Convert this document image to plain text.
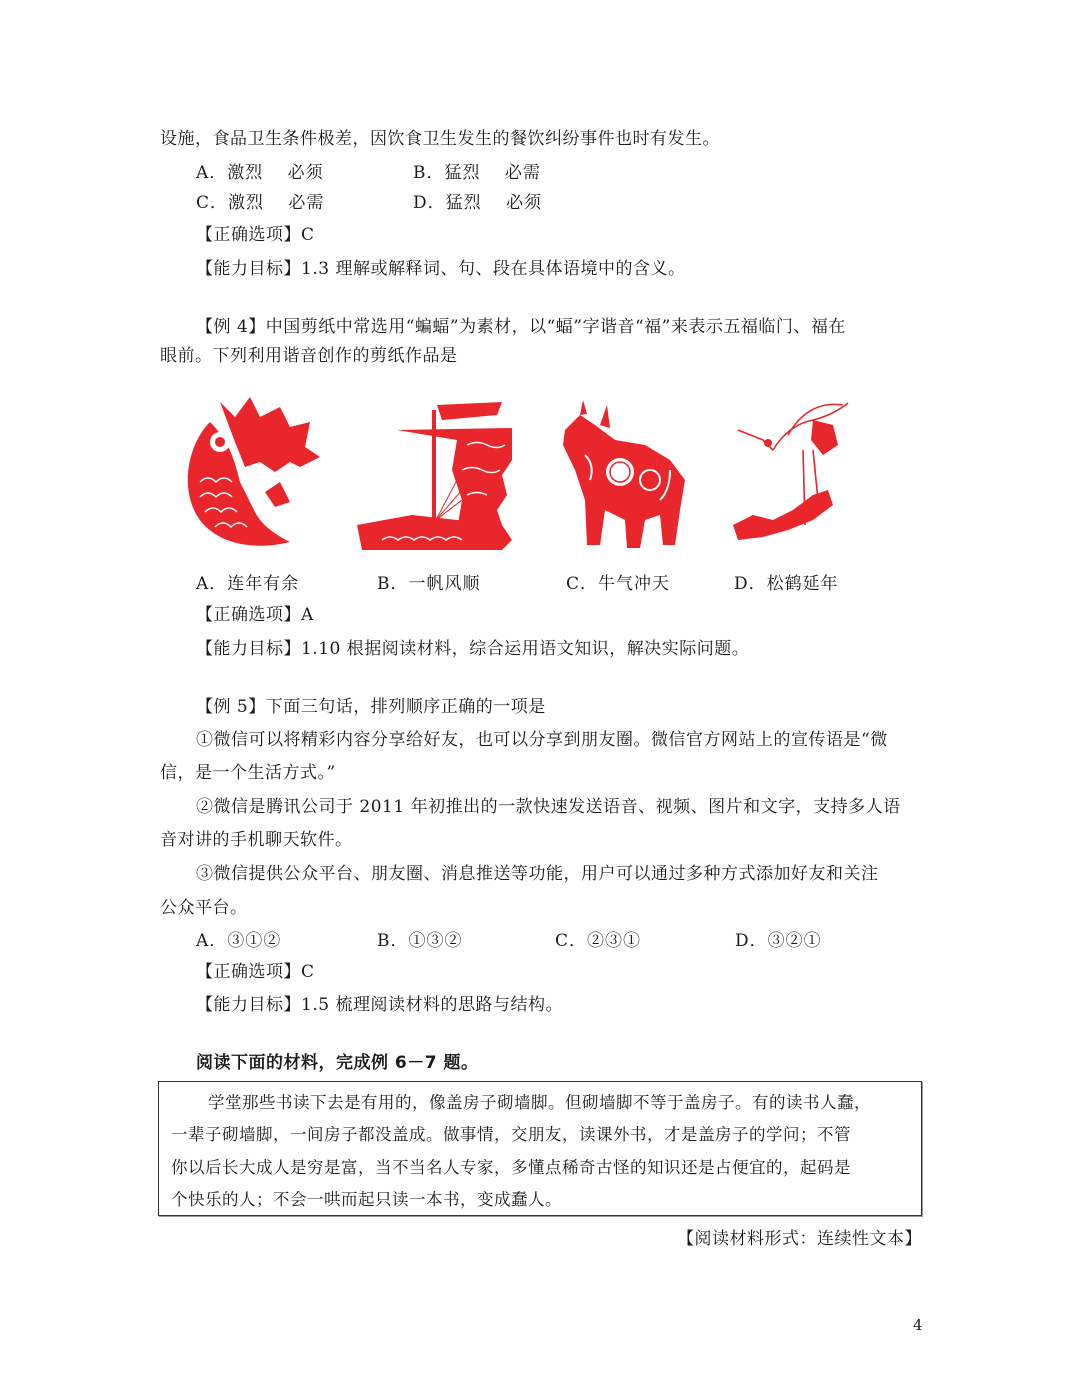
设施，食品卫生条件极差，因饮食卫生发生的餐饮纠纷事件也时有发生。
A．激烈　 必须	B．猛烈　 必需
C．激烈　 必需	D．猛烈　 必须
【正确选项】C
【能力目标】1.3 理解或解释词、句、段在具体语境中的含义。
【例 4】中国剪纸中常选用“蝙蝠”为素材，以“蝠”字谐音“福”来表示五福临门、福在
眼前。下列利用谐音创作的剪纸作品是
A．连年有余	B．一帆风顺	C．牛气冲天	D．松鹤延年
【正确选项】A
【能力目标】1.10 根据阅读材料，综合运用语文知识，解决实际问题。
【例 5】下面三句话，排列顺序正确的一项是
①微信可以将精彩内容分享给好友，也可以分享到朋友圈。微信官方网站上的宣传语是“微
信，是一个生活方式。”
②微信是腾讯公司于 2011 年初推出的一款快速发送语音、视频、图片和文字，支持多人语
音对讲的手机聊天软件。
③微信提供公众平台、朋友圈、消息推送等功能，用户可以通过多种方式添加好友和关注
公众平台。
A．③①②	B．①③②	C．②③①	D．③②①
【正确选项】C
【能力目标】1.5 梳理阅读材料的思路与结构。
阅读下面的材料，完成例 6－7 题。
学堂那些书读下去是有用的，像盖房子砌墙脚。但砌墙脚不等于盖房子。有的读书人蠢，
一辈子砌墙脚，一间房子都没盖成。做事情，交朋友，读课外书，才是盖房子的学问；不管
你以后长大成人是穷是富，当不当名人专家，多懂点稀奇古怪的知识还是占便宜的，起码是
个快乐的人；不会一哄而起只读一本书，变成蠢人。
【阅读材料形式：连续性文本】
4
